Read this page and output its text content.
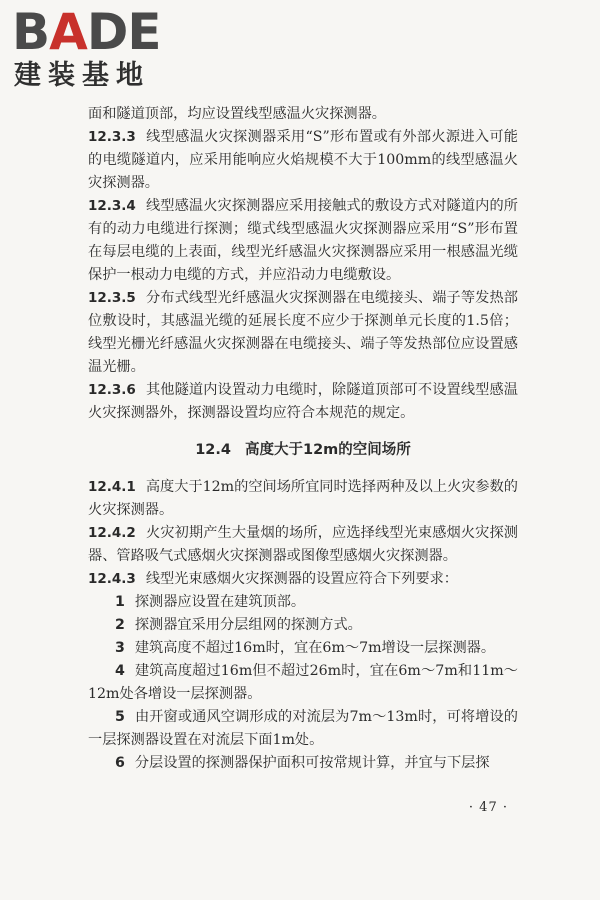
BADE
建装基地

面和隧道顶部，均应设置线型感温火灾探测器。

12.3.3 线型感温火灾探测器采用“S”形布置或有外部火源进入可能的电缆隧道内，应采用能响应火焰规模不大于100mm的线型感温火灾探测器。

12.3.4 线型感温火灾探测器应采用接触式的敷设方式对隧道内的所有的动力电缆进行探测；缆式线型感温火灾探测器应采用“S”形布置在每层电缆的上表面，线型光纤感温火灾探测器应采用一根感温光缆保护一根动力电缆的方式，并应沿动力电缆敷设。

12.3.5 分布式线型光纤感温火灾探测器在电缆接头、端子等发热部位敷设时，其感温光缆的延展长度不应少于探测单元长度的1.5倍；线型光栅光纤感温火灾探测器在电缆接头、端子等发热部位应设置感温光栅。

12.3.6 其他隧道内设置动力电缆时，除隧道顶部可不设置线型感温火灾探测器外，探测器设置均应符合本规范的规定。

12.4 高度大于12m的空间场所

12.4.1 高度大于12m的空间场所宜同时选择两种及以上火灾参数的火灾探测器。

12.4.2 火灾初期产生大量烟的场所，应选择线型光束感烟火灾探测器、管路吸气式感烟火灾探测器或图像型感烟火灾探测器。

12.4.3 线型光束感烟火灾探测器的设置应符合下列要求：

1 探测器应设置在建筑顶部。

2 探测器宜采用分层组网的探测方式。

3 建筑高度不超过16m时，宜在6m～7m增设一层探测器。

4 建筑高度超过16m但不超过26m时，宜在6m～7m和11m～12m处各增设一层探测器。

5 由开窗或通风空调形成的对流层为7m～13m时，可将增设的一层探测器设置在对流层下面1m处。

6 分层设置的探测器保护面积可按常规计算，并宜与下层探

· 47 ·
